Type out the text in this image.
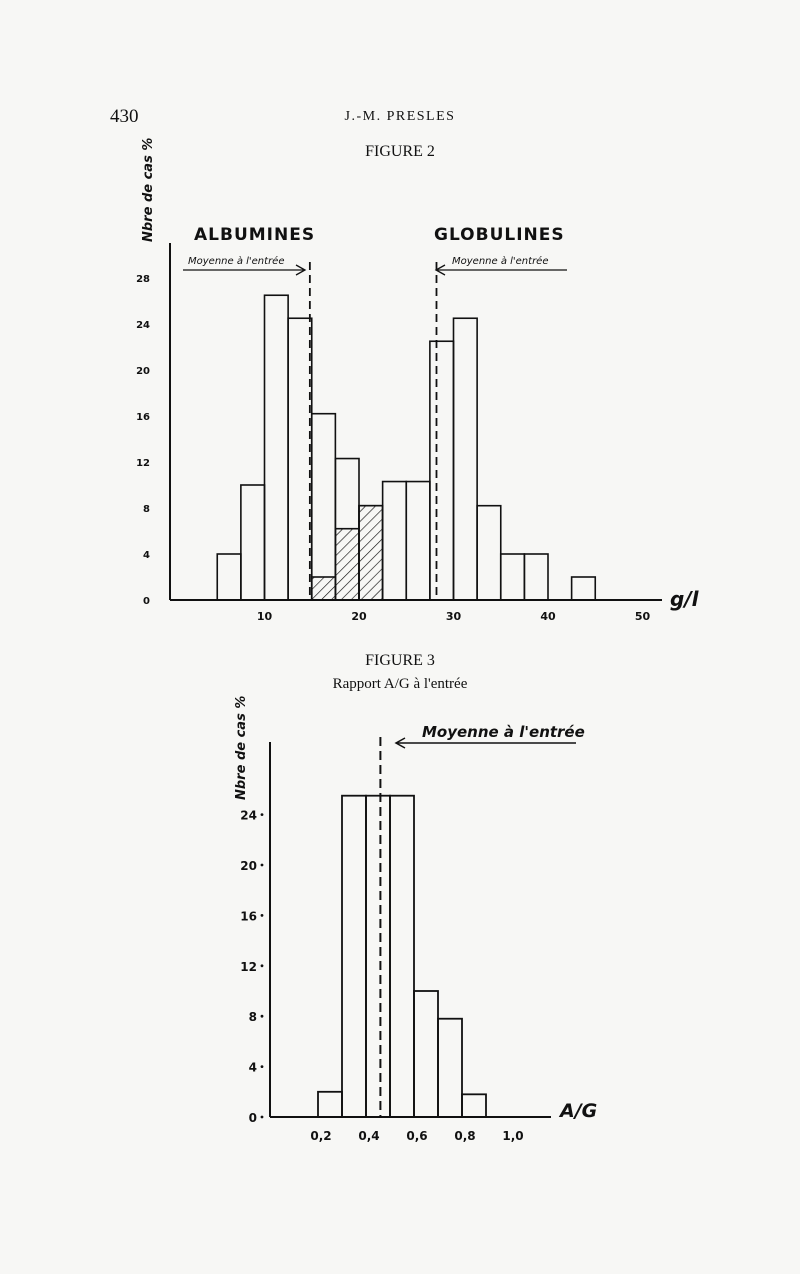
430	J.-M. PRESLES
FIGURE 2
FIGURE 3
Rapport A/G à l'entrée
10	20	30	40	50
0
4
8
12
16
20
24
28
Nbre de cas %
g/l
ALBUMINES	GLOBULINES
Moyenne à l'entrée	Moyenne à l'entrée
0,2 0,4 0,6 0,8 1,0
0
4
8
12
16
20
24
Nbre de cas %
A/G
Moyenne à l'entrée
